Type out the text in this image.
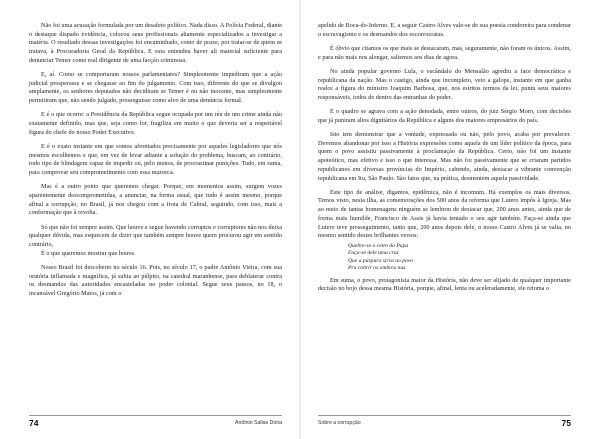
Não foi uma acusação formulada por um desafeto político. Nada disso. A Polícia Federal, diante o destaque dispado evidência, colocou seus profissionais altamente especializados a investigar a matéria. O resultado dessas investigações foi encaminhado, como de praxe, por tratar-se de quem se tratava, à Procuradoria Geral da República. E esta entendeu haver ali material suficiente para denunciar Temer como real dirigente de uma facção criminosa.

E, aí. Como se comportaram nossos parlamentares? Simplesmente impediram que a ação judicial prosperasse e se chegasse ao fim do julgamento. Com isso, diferente do que se divulgou amplamente, os senhores deputados não decidiram se Temer é ou não inocente, mas simplesmente permitiram que, não sendo julgado, prosseguisse como alvo de uma denúncia formal.

E é o que ocorre: a Presidência da República segue ocupada por um réu de um crime ainda não exatamente definido, mas que, seja como for, fragiliza em muito o que deveria ser a respeitável figura do chefe do nosso Poder Executivo.

E é o exato instante em que somos afrontados precisamente por aqueles legisladores que nós mesmos escolhemos e que, em vez de levar adiante a solução do problema, buscam, ao contrário, todo tipo de blindagem capaz de impedir ou, pelo menos, de procrastinar punições. Tudo, em suma, para comprovar seu comprometimento com essa mazorca.

Mas é a outro ponto que queremos chegar. Porque, em momentos assim, surgem vozes aparentemente descomprometidas, a anunciar, na forma usual, que tudo é assim mesmo, porque afinal a corrupção, no Brasil, já nos chegou com a frota de Cabral, seguindo, com isso, mais a conformação que à revolta.

Só que não foi sempre assim. Que houve e segue havendo corruptos e corruptores não nos deixa qualquer dúvida, mas esquecem de dizer que também sempre houve quem procurou agir em sentido contrário,

É o que queremos mostrar que houve.

Nosso Brasil foi descoberto no século 16. Pois, no século 17, o padre Antônio Vieira, com sua oratória inflamada e magnífica, já subia ao púlpito, na catedral maranhense, para deblaterar contra os desmandos das autoridades encasteladas no poder colonial. Segue seus passos, no 18, o incansável Gregório Matos, já com o

74	Antônio Sallas Dória

apelido de Boca-do-Inferno. E, a seguir Castro Alves vale-se de sua poesia condoreira para condenar o escravagismo e os desmandos dos escravocratas.

É óbvio que citamos os que mais se destacaram, mas, seguramente, não foram os únicos. Assim, e para não mais nos alongar, saltemos aos dias de agora.

No ainda popular governo Lula, o escândalo do Mensalão agrediu a face democrática e republicana da nação. Mas o castigo, ainda que incompleto, veio a galope, instante em que ganha realce a figura do ministro Joaquim Barbosa, que, nos estritos termos da lei, puniu seus maiores responsáveis, todos de dentro das entranhas do poder.

E o quadro se agrava com a ação denodada, entre outros, do juiz Sérgio Moro, com decisões que já puniram altos dignitários da República e alguns dos maiores empresários do país.

Isto tem demonstrar que a vontade, expressada ou não, pelo povo, acaba por prevalecer. Devemos abandonar por isso a História expressões como aquela de um líder político da época, para quem o povo assistiu passivamente à proclamação da República. Certo, não foi um instante apoteótico, mas efetivo e isso o que interessa. Mas não foi passivamente que se criaram partidos republicanos em diversas províncias do Império, cabendo, ainda, destacar a vibrante convenção republicana em Itu, São Paulo. São fatos que, na prática, desmentem aquela passividade.

Este tipo de análise, digamos, epidêmica, não é incomum. Há exemplos os mais diversos. Temos visto, nesta ilha, as comemorações dos 500 anos da reforma que Lutero impôs à Igreja. Mas ao meio de tantas homenagens ninguém se lembrou de destacar que, 200 anos antes, ainda que de forma mais humilde, Francisco de Assis já havia tentado o seu agir também. Faça-se ainda que Lutero teve prosseguimento, tanto que, 200 anos depois dele, o nosso Castro Alves já se valia, no mesmo sentido destes brilhantes versos:

Quebre-se o cetro do Papa
Faça-se dele uma cruz
Que a púrpura sirva ao povo
Pra cobrir os ombros nus.

Em suma, o povo, protagonista maior da História, não deve ser alijado de qualquer importante decisão no bojo dessa mesma História, porque, afinal, lenta ou aceleradamente, ele retoma o

Sobre a corrupção	75
